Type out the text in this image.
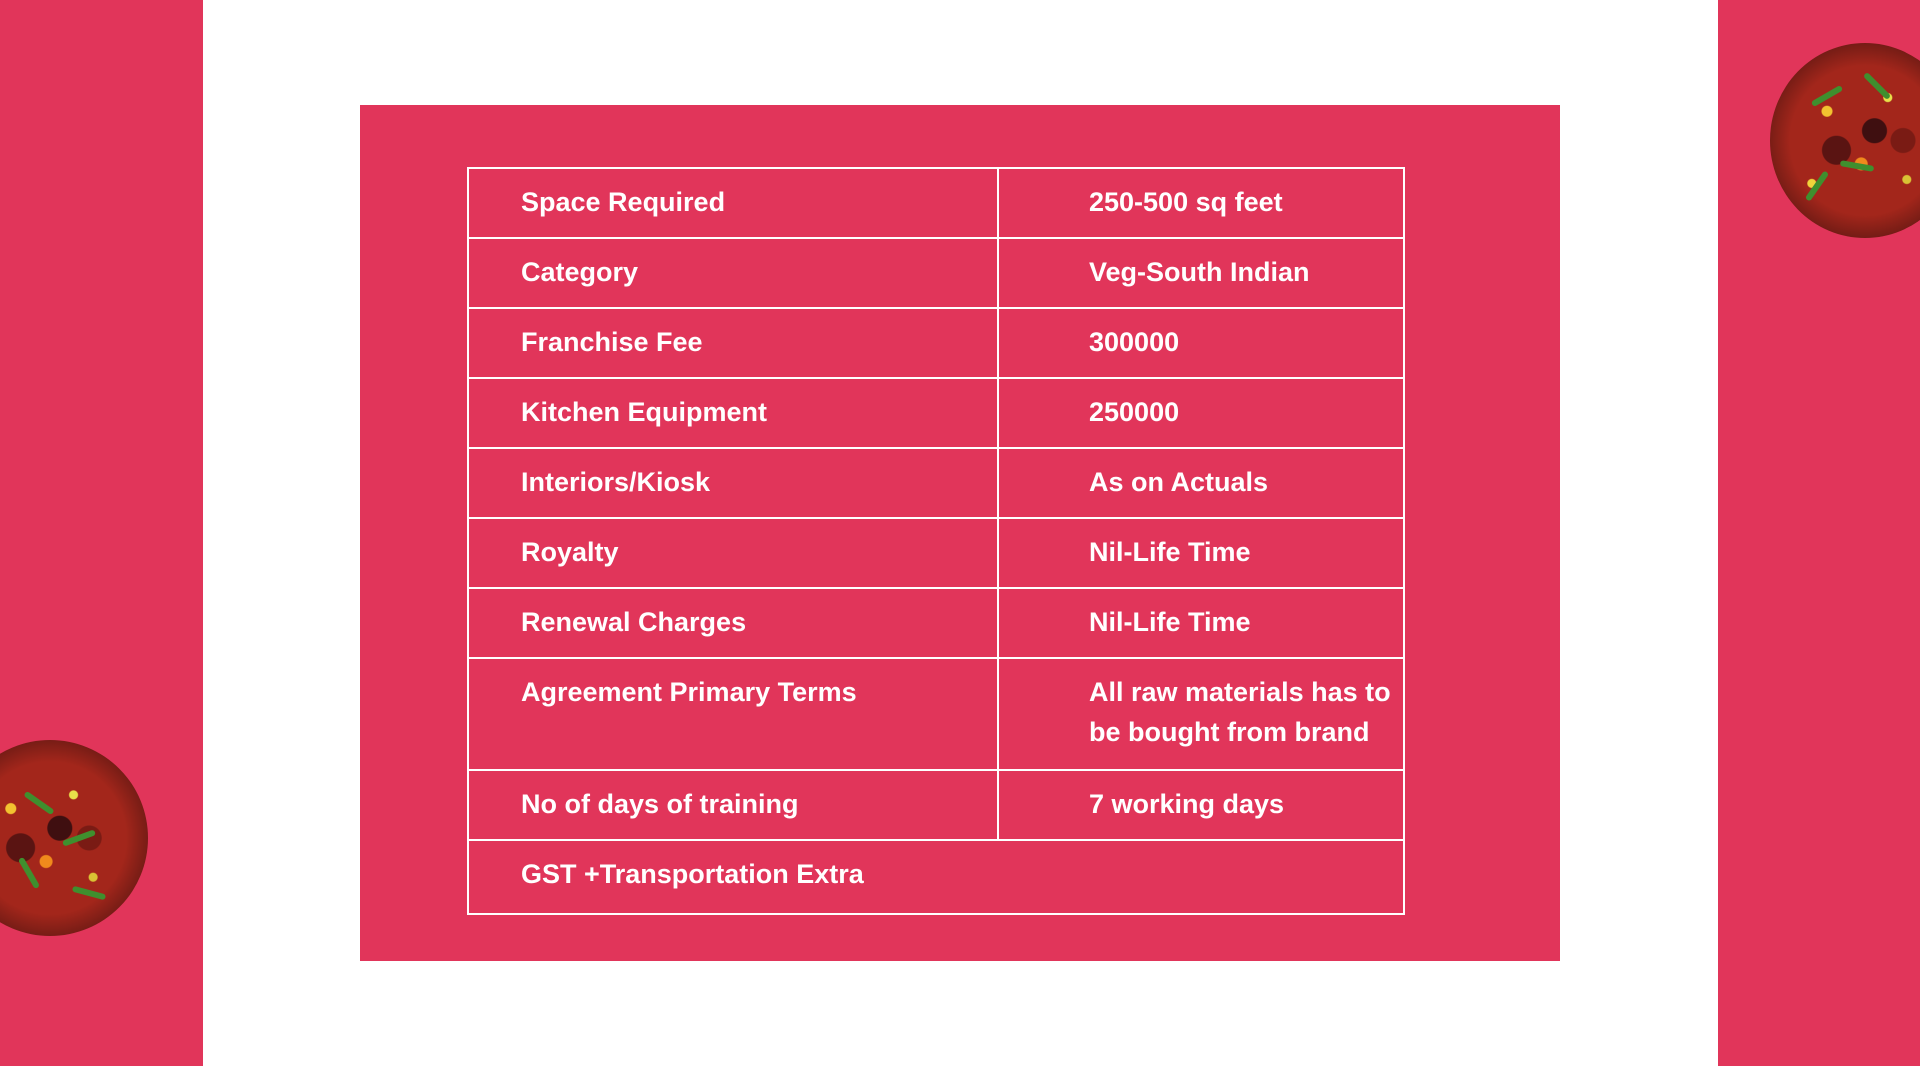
Space Required	250-500 sq feet
Category	Veg-South Indian
Franchise Fee	300000
Kitchen Equipment	250000
Interiors/Kiosk	As on Actuals
Royalty	Nil-Life Time
Renewal Charges	Nil-Life Time
Agreement Primary Terms	All raw materials has to
be bought from brand

No of days of training	7 working days
GST +Transportation Extra	
